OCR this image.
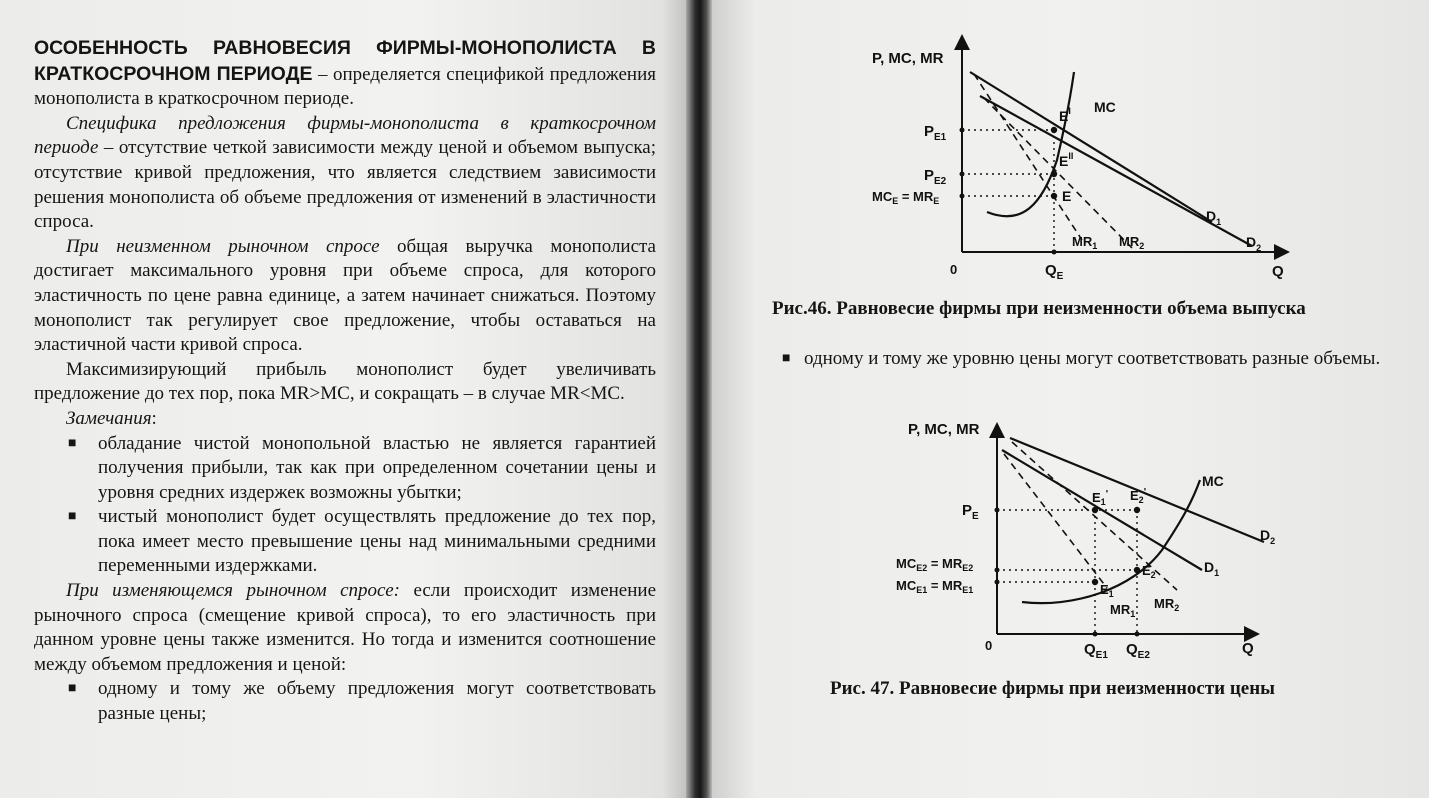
ОСОБЕННОСТЬ РАВНОВЕСИЯ ФИРМЫ-МОНОПОЛИСТА В КРАТКОСРОЧНОМ ПЕРИОДЕ – определяется спецификой предложения монополиста в краткосрочном периоде.

Специфика предложения фирмы-монополиста в краткосрочном периоде – отсутствие четкой зависимости между ценой и объемом выпуска; отсутствие кривой предложения, что является следствием зависимости решения монополиста об объеме предложения от изменений в эластичности спроса.

При неизменном рыночном спросе общая выручка монополиста достигает максимального уровня при объеме спроса, для которого эластичность по цене равна единице, а затем начинает снижаться. Поэтому монополист так регулирует свое предложение, чтобы оставаться на эластичной части кривой спроса.

Максимизирующий прибыль монополист будет увеличивать предложение до тех пор, пока MR>MC, и сокращать – в случае MR<MC.

Замечания:

■ обладание чистой монопольной властью не является гарантией получения прибыли, так как при определенном сочетании цены и уровня средних издержек возможны убытки;

■ чистый монополист будет осуществлять предложение до тех пор, пока имеет место превышение цены над минимальными средними переменными издержками.

При изменяющемся рыночном спросе: если происходит изменение рыночного спроса (смещение кривой спроса), то его эластичность при данном уровне цены также изменится. Но тогда и изменится соотношение между объемом предложения и ценой:

■ одному и тому же объему предложения могут соответствовать разные цены;

P, MC, MR
0	Q
MC
$P_{E1}$
$P_{E2}$
$MC_E = MR_E$
$E^I$
$E^{II}$
E
$D_1$
$D_2$
$MR_1$ $MR_2$
$Q_E$
Рис.46. Равновесие фирмы при неизменности объема выпуска
■ одному и тому же уровню цены могут соответствовать разные объемы.
P, MC, MR
0	Q
$P_E$
$MC_{E2} = MR_{E2}$
$MC_{E1} = MR_{E1}$
$E_1'$ $E_2'$
$E_2$
$E_1$
MC
$D_1$
$D_2$
$MR_1$
$MR_2$
$Q_{E1}$ $Q_{E2}$
Рис. 47. Равновесие фирмы при неизменности цены
